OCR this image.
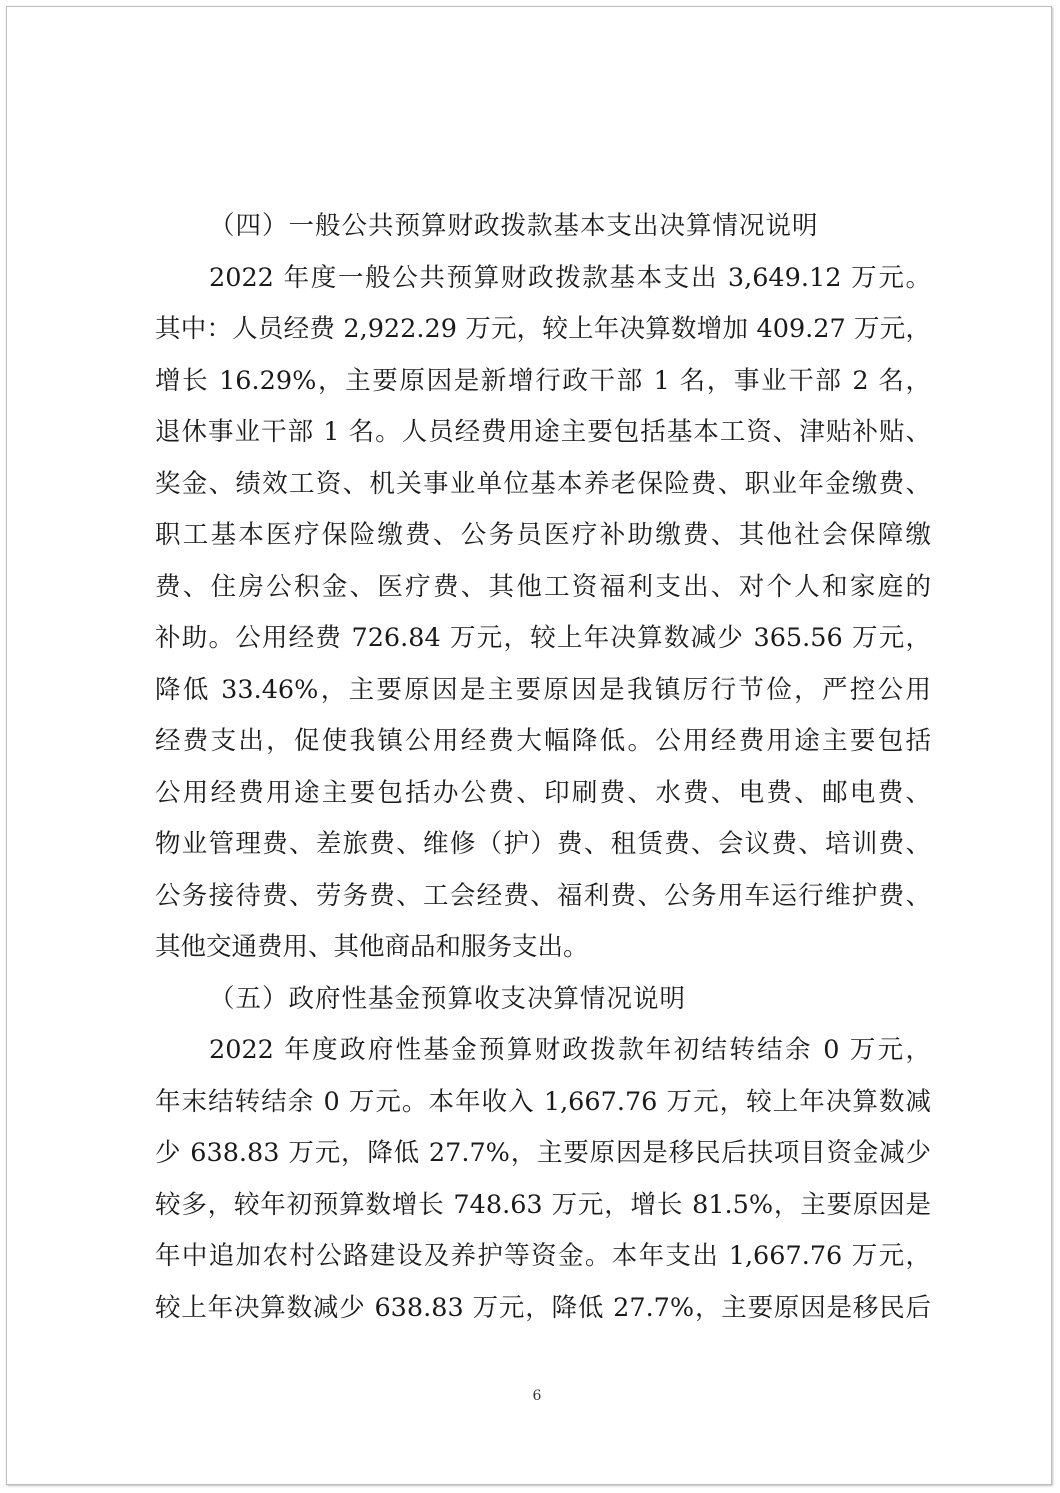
（四）一般公共预算财政拨款基本支出决算情况说明
2022 年度一般公共预算财政拨款基本支出 3,649.12 万元。
其中：人员经费 2,922.29 万元，较上年决算数增加 409.27 万元，
增长 16.29%，主要原因是新增行政干部 1 名，事业干部 2 名，
退休事业干部 1 名。人员经费用途主要包括基本工资、津贴补贴、
奖金、绩效工资、机关事业单位基本养老保险费、职业年金缴费、
职工基本医疗保险缴费、公务员医疗补助缴费、其他社会保障缴
费、住房公积金、医疗费、其他工资福利支出、对个人和家庭的
补助。公用经费 726.84 万元，较上年决算数减少 365.56 万元，
降低 33.46%，主要原因是主要原因是我镇厉行节俭，严控公用
经费支出，促使我镇公用经费大幅降低。公用经费用途主要包括
公用经费用途主要包括办公费、印刷费、水费、电费、邮电费、
物业管理费、差旅费、维修（护）费、租赁费、会议费、培训费、
公务接待费、劳务费、工会经费、福利费、公务用车运行维护费、
其他交通费用、其他商品和服务支出。
（五）政府性基金预算收支决算情况说明
2022 年度政府性基金预算财政拨款年初结转结余 0 万元，
年末结转结余 0 万元。本年收入 1,667.76 万元，较上年决算数减
少 638.83 万元，降低 27.7%，主要原因是移民后扶项目资金减少
较多，较年初预算数增长 748.63 万元，增长 81.5%，主要原因是
年中追加农村公路建设及养护等资金。本年支出 1,667.76 万元，
较上年决算数减少 638.83 万元，降低 27.7%，主要原因是移民后
6
